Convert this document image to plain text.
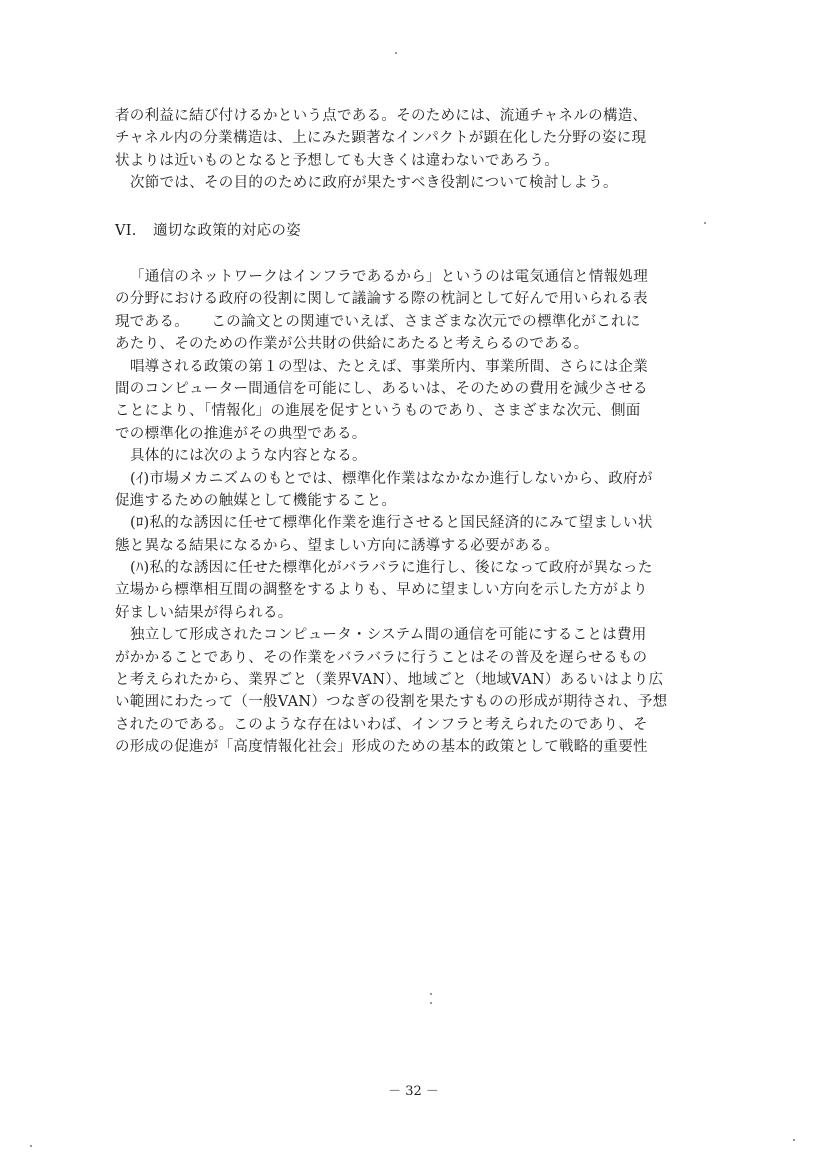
者の利益に結び付けるかという点である。そのためには、流通チャネルの構造、
チャネル内の分業構造は、上にみた顕著なインパクトが顕在化した分野の姿に現
状よりは近いものとなると予想しても大きくは違わないであろう。
次節では、その目的のために政府が果たすべき役割について検討しよう。
VI. 適切な政策的対応の姿
「通信のネットワークはインフラであるから」というのは電気通信と情報処理
の分野における政府の役割に関して議論する際の枕詞として好んで用いられる表
現である。　　この論文との関連でいえば、さまざまな次元での標準化がこれに
あたり、そのための作業が公共財の供給にあたると考えらるのである。
唱導される政策の第１の型は、たとえば、事業所内、事業所間、さらには企業
間のコンピューター間通信を可能にし、あるいは、そのための費用を減少させる
ことにより、「情報化」の進展を促すというものであり、さまざまな次元、側面
での標準化の推進がその典型である。
具体的には次のような内容となる。
(ｲ)市場メカニズムのもとでは、標準化作業はなかなか進行しないから、政府が
促進するための触媒として機能すること。
(ﾛ)私的な誘因に任せて標準化作業を進行させると国民経済的にみて望ましい状
態と異なる結果になるから、望ましい方向に誘導する必要がある。
(ﾊ)私的な誘因に任せた標準化がバラバラに進行し、後になって政府が異なった
立場から標準相互間の調整をするよりも、早めに望ましい方向を示した方がより
好ましい結果が得られる。
独立して形成されたコンピュータ・システム間の通信を可能にすることは費用
がかかることであり、その作業をバラバラに行うことはその普及を遅らせるもの
と考えられたから、業界ごと（業界VAN）、地域ごと（地域VAN）あるいはより広
い範囲にわたって（一般VAN）つなぎの役割を果たすものの形成が期待され、予想
されたのである。このような存在はいわば、インフラと考えられたのであり、そ
の形成の促進が「高度情報化社会」形成のための基本的政策として戦略的重要性
－ 32 －
